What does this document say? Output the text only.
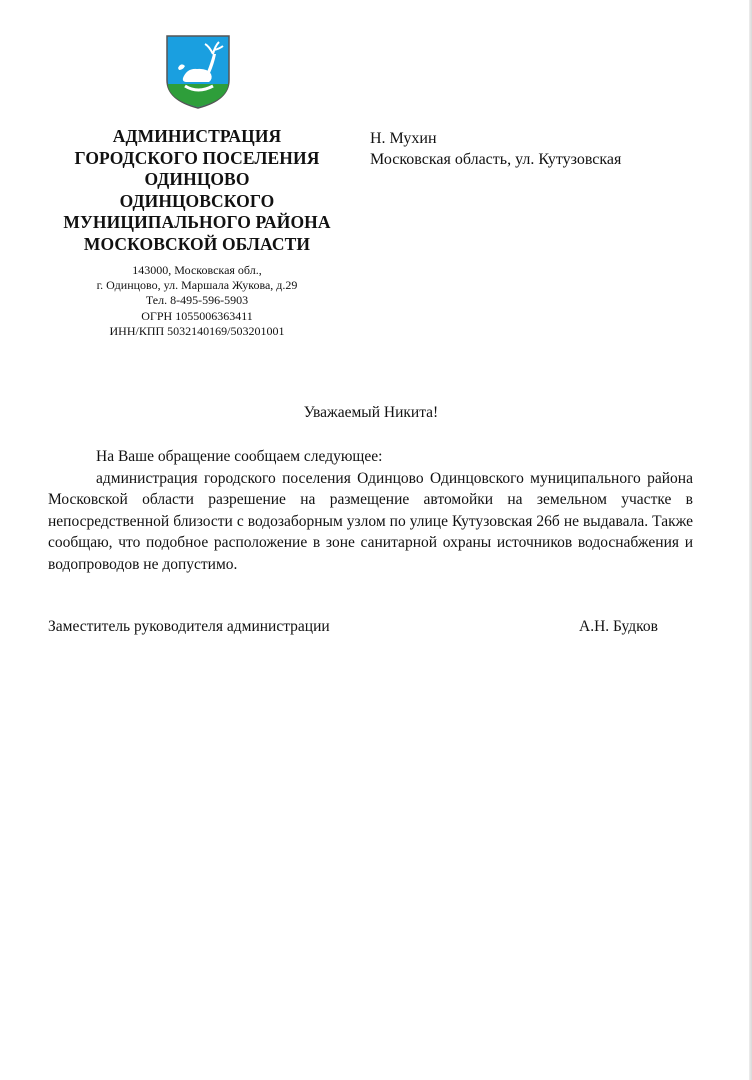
АДМИНИСТРАЦИЯ
ГОРОДСКОГО ПОСЕЛЕНИЯ
ОДИНЦОВО
ОДИНЦОВСКОГО
МУНИЦИПАЛЬНОГО РАЙОНА
МОСКОВСКОЙ ОБЛАСТИ
143000, Московская обл.,
г. Одинцово, ул. Маршала Жукова, д.29
Тел. 8-495-596-5903
ОГРН 1055006363411
ИНН/КПП 5032140169/503201001
Н. Мухин
Московская область, ул. Кутузовская
Уважаемый Никита!
На Ваше обращение сообщаем следующее:
администрация городского поселения Одинцово Одинцовского муниципального района Московской области разрешение на размещение автомойки на земельном участке в непосредственной близости с водозаборным узлом по улице Кутузовская 26б не выдавала. Также сообщаю, что подобное расположение в зоне санитарной охраны источников водоснабжения и водопроводов не допустимо.
Заместитель руководителя администрации	А.Н. Будков
